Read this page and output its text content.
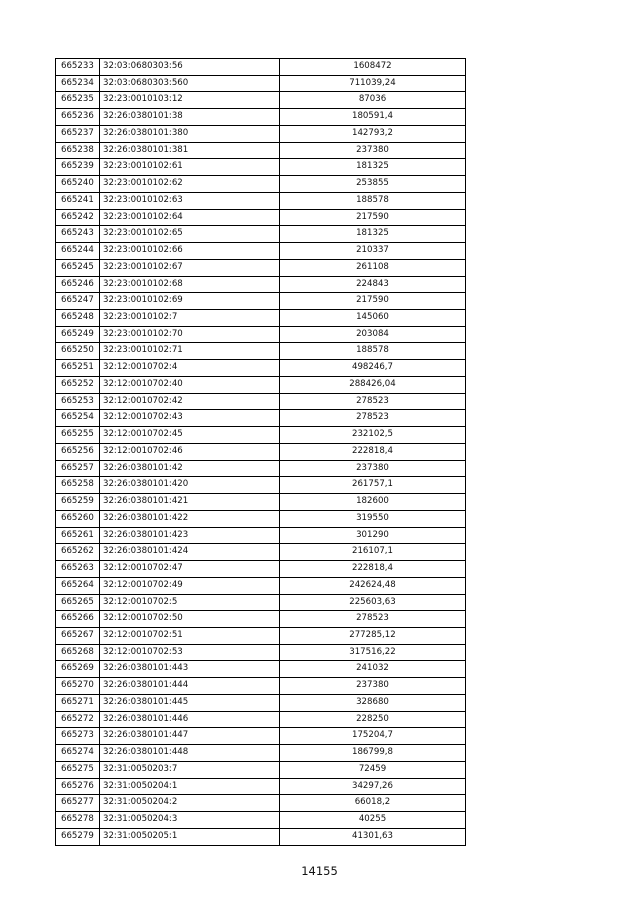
665233	32:03:0680303:56	1608472
665234	32:03:0680303:560	711039,24
665235	32:23:0010103:12	87036
665236	32:26:0380101:38	180591,4
665237	32:26:0380101:380	142793,2
665238	32:26:0380101:381	237380
665239	32:23:0010102:61	181325
665240	32:23:0010102:62	253855
665241	32:23:0010102:63	188578
665242	32:23:0010102:64	217590
665243	32:23:0010102:65	181325
665244	32:23:0010102:66	210337
665245	32:23:0010102:67	261108
665246	32:23:0010102:68	224843
665247	32:23:0010102:69	217590
665248	32:23:0010102:7	145060
665249	32:23:0010102:70	203084
665250	32:23:0010102:71	188578
665251	32:12:0010702:4	498246,7
665252	32:12:0010702:40	288426,04
665253	32:12:0010702:42	278523
665254	32:12:0010702:43	278523
665255	32:12:0010702:45	232102,5
665256	32:12:0010702:46	222818,4
665257	32:26:0380101:42	237380
665258	32:26:0380101:420	261757,1
665259	32:26:0380101:421	182600
665260	32:26:0380101:422	319550
665261	32:26:0380101:423	301290
665262	32:26:0380101:424	216107,1
665263	32:12:0010702:47	222818,4
665264	32:12:0010702:49	242624,48
665265	32:12:0010702:5	225603,63
665266	32:12:0010702:50	278523
665267	32:12:0010702:51	277285,12
665268	32:12:0010702:53	317516,22
665269	32:26:0380101:443	241032
665270	32:26:0380101:444	237380
665271	32:26:0380101:445	328680
665272	32:26:0380101:446	228250
665273	32:26:0380101:447	175204,7
665274	32:26:0380101:448	186799,8
665275	32:31:0050203:7	72459
665276	32:31:0050204:1	34297,26
665277	32:31:0050204:2	66018,2
665278	32:31:0050204:3	40255
665279	32:31:0050205:1	41301,63
14155
